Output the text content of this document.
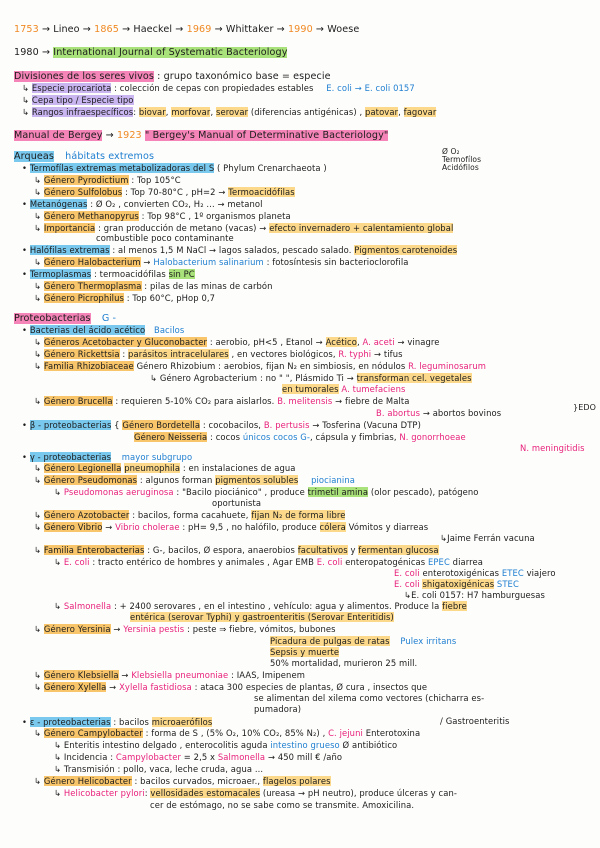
1753 → Lineo → 1865 → Haeckel → 1969 → Whittaker → 1990 → Woese
1980 → International Journal of Systematic Bacteriology
Divisiones de los seres vivos : grupo taxonómico base = especie
↳ Especie procariota : colección de cepas con propiedades estables E. coli → E. coli 0157
↳ Cepa tipo / Especie tipo
↳ Rangos infraespecíficos: biovar, morfovar, serovar (diferencias antigénicas) , patovar, fagovar
Manual de Bergey → 1923 " Bergey's Manual of Determinative Bacteriology"
Arqueas hábitats extremos	Ø O₂
Termofílos
Acidófilos
• Termofílas extremas metabolizadoras del S ( Phylum Crenarchaeota )
↳ Género Pyrodictium : Top 105°C
↳ Género Sulfolobus : Top 70-80°C , pH=2 → Termoacidófilas
• Metanógenas : Ø O₂ , convierten CO₂, H₂ ... → metanol
↳ Género Methanopyrus : Top 98°C , 1º organismos planeta
↳ Importancia : gran producción de metano (vacas) → efecto invernadero + calentamiento global
combustible poco contaminante
• Halófilas extremas : al menos 1,5 M NaCl → lagos salados, pescado salado. Pigmentos carotenoides
↳ Género Halobacterium → Halobacterium salinarium : fotosíntesis sin bacterioclorofila
• Termoplasmas : termoacidófilas sin PC
↳ Género Thermoplasma : pilas de las minas de carbón
↳ Género Picrophilus : Top 60°C, pHop 0,7
Proteobacterias G -
• Bacterias del ácido acético Bacilos
↳ Géneros Acetobacter y Gluconobacter : aerobio, pH<5 , Etanol → Acético, A. aceti → vinagre
↳ Género Rickettsia : parásitos intracelulares , en vectores biológicos, R. typhi → tifus
↳ Familia Rhizobiaceae Género Rhizobium : aerobios, fijan N₂ en simbiosis, en nódulos R. leguminosarum
↳ Género Agrobacterium : no " ", Plásmido Ti → transforman cel. vegetales
en tumorales A. tumefaciens
↳ Género Brucella : requieren 5-10% CO₂ para aislarlos. B. melitensis → fiebre de Malta
}EDO
B. abortus → abortos bovinos
• β - proteobacterias { Género Bordetella : cocobacilos, B. pertusis → Tosferina (Vacuna DTP)
Género Neisseria : cocos únicos cocos G-, cápsula y fimbrias, N. gonorrhoeae
N. meningitidis
• γ - proteobacterias mayor subgrupo
↳ Género Legionella pneumophila : en instalaciones de agua
↳ Género Pseudomonas : algunos forman pigmentos solubles piocianina
↳ Pseudomonas aeruginosa : "Bacilo piociánico" , produce trimetil amina (olor pescado), patógeno
oportunista
↳ Género Azotobacter : bacilos, forma cacahuete, fijan N₂ de forma libre
↳ Género Vibrio → Vibrio cholerae : pH= 9,5 , no halófilo, produce cólera Vómitos y diarreas
↳Jaime Ferrán vacuna
↳ Familia Enterobacterias : G-, bacilos, Ø espora, anaerobios facultativos y fermentan glucosa
↳ E. coli : tracto entérico de hombres y animales , Agar EMB E. coli enteropatogénicas EPEC diarrea
E. coli enterotoxigénicas ETEC viajero
E. coli shigatoxigénicas STEC
↳E. coli 0157: H7 hamburguesas
↳ Salmonella : + 2400 serovares , en el intestino , vehículo: agua y alimentos. Produce la fiebre
entérica (serovar Typhi) y gastroenteritis (Serovar Enteritidis)
↳ Género Yersinia → Yersinia pestis : peste ⇒ fiebre, vómitos, bubones
Picadura de pulgas de ratas Pulex irritans
Sepsis y muerte
50% mortalidad, murieron 25 mill.
↳ Género Klebsiella → Klebsiella pneumoniae : IAAS, Imipenem
↳ Género Xylella → Xylella fastidiosa : ataca 300 especies de plantas, Ø cura , insectos que
se alimentan del xilema como vectores (chicharra es-
pumadora)
• ε - proteobacterias : bacilos microaerófilos	/ Gastroenteritis
↳ Género Campylobacter : forma de S , (5% O₂, 10% CO₂, 85% N₂) , C. jejuni Enterotoxina
↳ Enteritis intestino delgado , enterocolitis aguda intestino grueso Ø antibiótico
↳ Incidencia : Campylobacter = 2,5 x Salmonella → 450 mill € /año
↳ Transmisión : pollo, vaca, leche cruda, agua ...
↳ Género Helicobacter : bacilos curvados, microaer., flagelos polares
↳ Helicobacter pylori: vellosidades estomacales (ureasa → pH neutro), produce úlceras y can-
cer de estómago, no se sabe como se transmite. Amoxicilina.
